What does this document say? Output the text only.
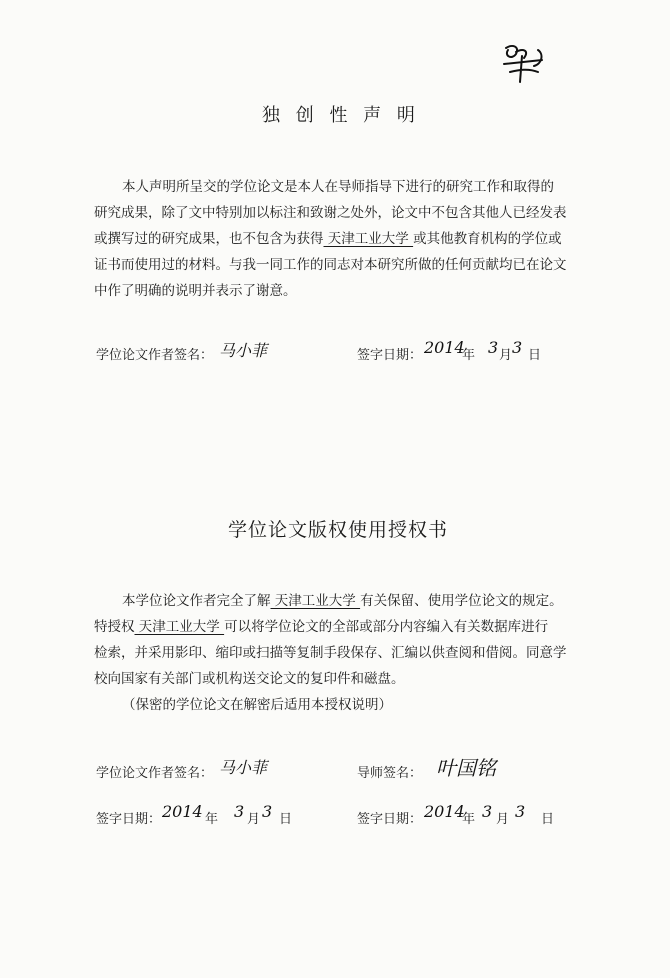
独 创 性 声 明
本人声明所呈交的学位论文是本人在导师指导下进行的研究工作和取得的
研究成果，除了文中特别加以标注和致谢之处外，论文中不包含其他人已经发表
或撰写过的研究成果，也不包含为获得 天津工业大学 或其他教育机构的学位或
证书而使用过的材料。与我一同工作的同志对本研究所做的任何贡献均已在论文
中作了明确的说明并表示了谢意。
学位论文作者签名： 马小菲	签字日期： 2014
年 3 月 3 日
学位论文版权使用授权书
本学位论文作者完全了解 天津工业大学 有关保留、使用学位论文的规定。
特授权 天津工业大学 可以将学位论文的全部或部分内容编入有关数据库进行
检索，并采用影印、缩印或扫描等复制手段保存、汇编以供查阅和借阅。同意学
校向国家有关部门或机构送交论文的复印件和磁盘。
（保密的学位论文在解密后适用本授权说明）
学位论文作者签名： 马小菲	导师签名： 叶国铭
签字日期： 2014 年 3 月 3 日	签字日期： 2014
年 3 月 3 日
